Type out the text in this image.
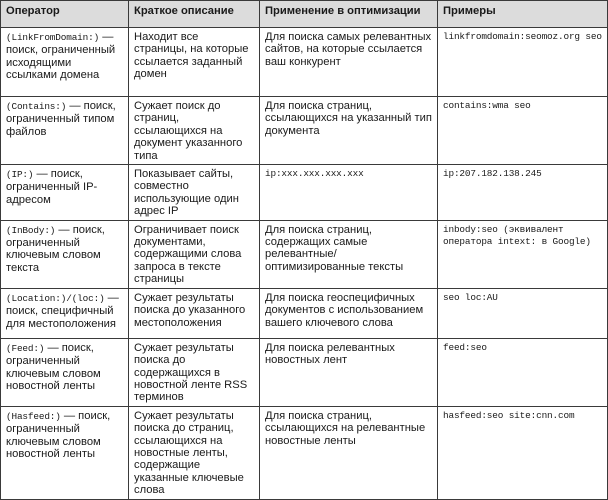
Оператор	Краткое описание	Применение в оптимизации	Примеры
(LinkFromDomain:) — поиск, ограниченный исходящими ссылками домена	Находит все страницы, на которые ссылается заданный домен	Для поиска самых релевантных сайтов, на которые ссылается ваш конкурент	linkfromdomain:seomoz.org seo
(Contains:) — поиск, ограниченный типом файлов	Сужает поиск до страниц, ссылающихся на документ указанного типа	Для поиска страниц, ссылающихся на указанный тип документа	contains:wma seo
(IP:) — поиск, ограниченный IP-адресом	Показывает сайты, совместно использующие один адрес IP	ip:xxx.xxx.xxx.xxx	ip:207.182.138.245
(InBody:) — поиск, ограниченный ключевым словом текста	Ограничивает поиск документами, содержащими слова запроса в тексте страницы	Для поиска страниц, содержащих самые релевантные/оптимизированные тексты	inbody:seo (эквивалент оператора intext: в Google)
(Location:)/(loc:) — поиск, специфичный для местоположения	Сужает результаты поиска до указанного местоположения	Для поиска геоспецифичных документов с использованием вашего ключевого слова	seo loc:AU
(Feed:) — поиск, ограниченный ключевым словом новостной ленты	Сужает результаты поиска до содержащихся в новостной ленте RSS терминов	Для поиска релевантных новостных лент	feed:seo
(Hasfeed:) — поиск, ограниченный ключевым словом новостной ленты	Сужает результаты поиска до страниц, ссылающихся на новостные ленты, содержащие указанные ключевые слова	Для поиска страниц, ссылающихся на релевантные новостные ленты	hasfeed:seo site:cnn.com
